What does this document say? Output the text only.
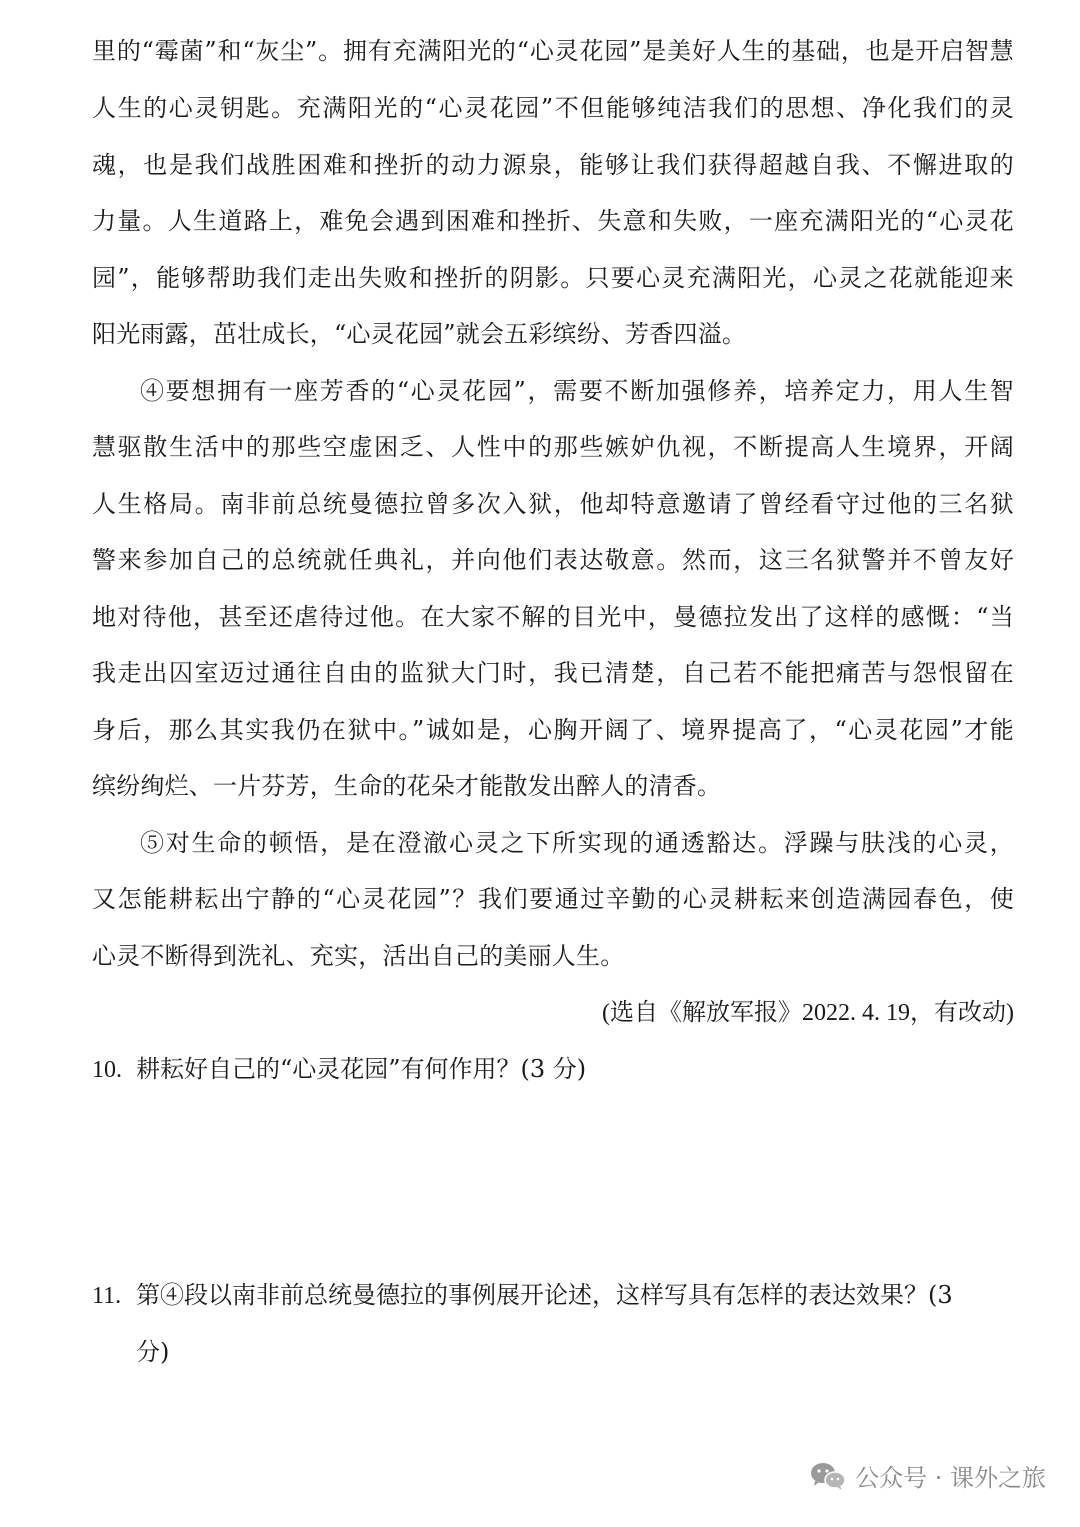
里的“霉菌”和“灰尘”。拥有充满阳光的“心灵花园”是美好人生的基础，也是开启智慧
人生的心灵钥匙。充满阳光的“心灵花园”不但能够纯洁我们的思想、净化我们的灵
魂，也是我们战胜困难和挫折的动力源泉，能够让我们获得超越自我、不懈进取的
力量。人生道路上，难免会遇到困难和挫折、失意和失败，一座充满阳光的“心灵花
园”，能够帮助我们走出失败和挫折的阴影。只要心灵充满阳光，心灵之花就能迎来
阳光雨露，茁壮成长，“心灵花园”就会五彩缤纷、芳香四溢。
④要想拥有一座芳香的“心灵花园”，需要不断加强修养，培养定力，用人生智
慧驱散生活中的那些空虚困乏、人性中的那些嫉妒仇视，不断提高人生境界，开阔
人生格局。南非前总统曼德拉曾多次入狱，他却特意邀请了曾经看守过他的三名狱
警来参加自己的总统就任典礼，并向他们表达敬意。然而，这三名狱警并不曾友好
地对待他，甚至还虐待过他。在大家不解的目光中，曼德拉发出了这样的感慨：“当
我走出囚室迈过通往自由的监狱大门时，我已清楚，自己若不能把痛苦与怨恨留在
身后，那么其实我仍在狱中。”诚如是，心胸开阔了、境界提高了，“心灵花园”才能
缤纷绚烂、一片芬芳，生命的花朵才能散发出醉人的清香。
⑤对生命的顿悟，是在澄澈心灵之下所实现的通透豁达。浮躁与肤浅的心灵，
又怎能耕耘出宁静的“心灵花园”？我们要通过辛勤的心灵耕耘来创造满园春色，使
心灵不断得到洗礼、充实，活出自己的美丽人生。
(选自《解放军报》2022. 4. 19，有改动)
10. 耕耘好自己的“心灵花园”有何作用？(3 分)
11. 第④段以南非前总统曼德拉的事例展开论述，这样写具有怎样的表达效果？(3
分)
公众号 · 课外之旅
